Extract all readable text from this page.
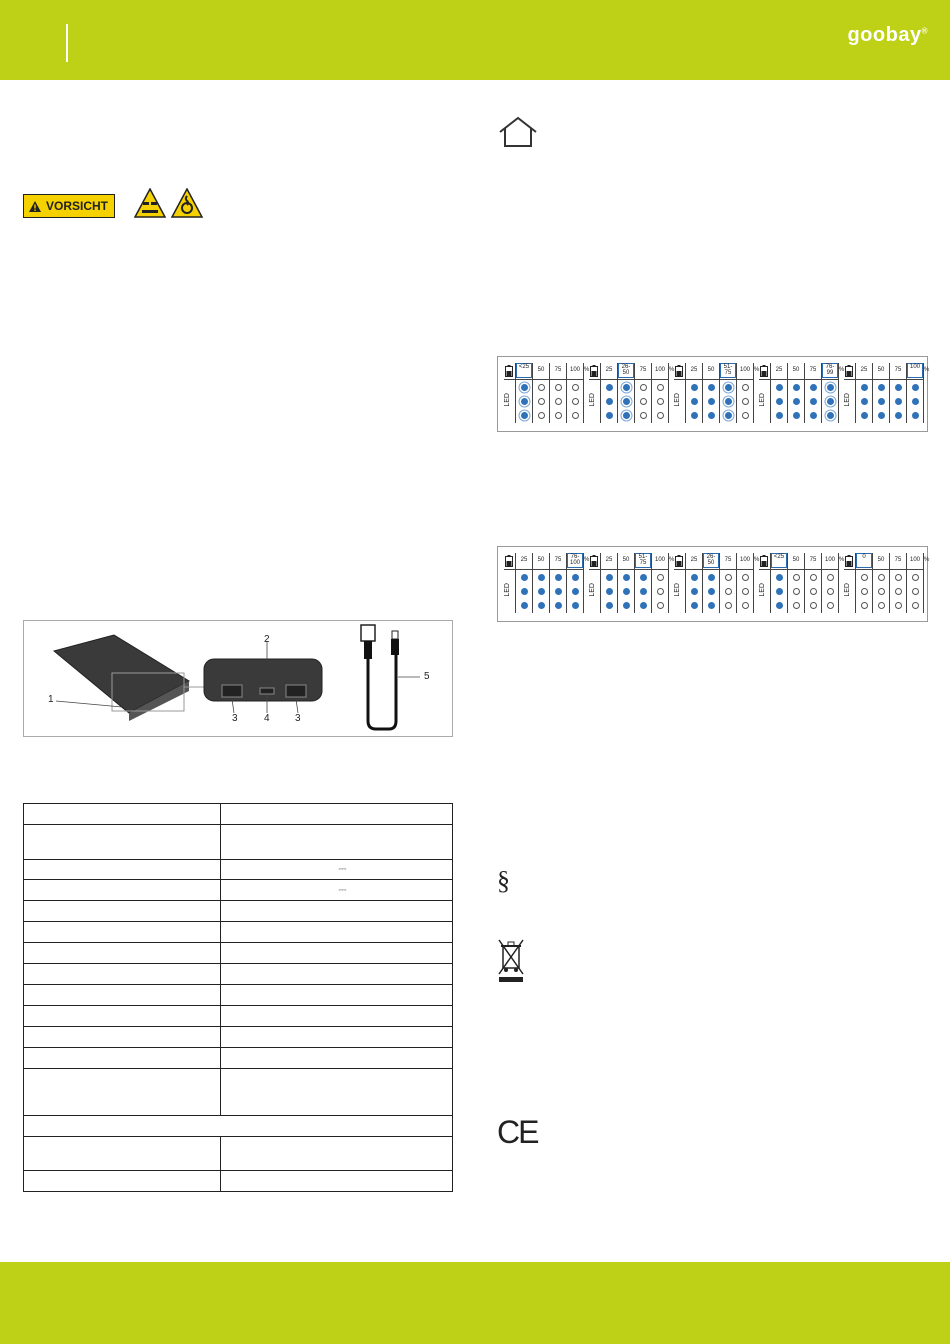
goobay®
VORSICHT
<25	50	75	100 %
LED
25	26-50	75	100 %
LED
25	50	51-75	100 %
LED
25	50	75	76-99 %
LED
25	50	75	100 %
LED
25	50	75	76-100 %
LED
25	50	51-75	100 %
LED
25	26-50	75	100 %
LED
<25	50	75	100 %
LED
0	50	75	100 %
LED
1
2
3	4	3
5

	⎓
	⎓

		§
CE
